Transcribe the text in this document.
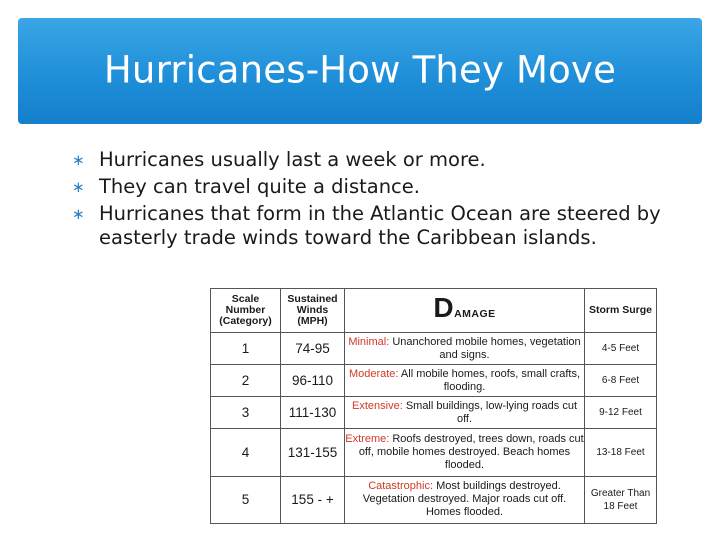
Hurricanes-How They Move
∗ Hurricanes usually last a week or more.
∗ They can travel quite a distance.
∗ Hurricanes that form in the Atlantic Ocean are steered by easterly trade winds toward the Caribbean islands.
Scale Number (Category)	Sustained Winds (MPH)	DAMAGE	Storm Surge
1	74-95	Minimal: Unanchored mobile homes, vegetation and signs.	4-5 Feet
2	96-110	Moderate: All mobile homes, roofs, small crafts, flooding.	6-8 Feet
3	111-130	Extensive: Small buildings, low-lying roads cut off.	9-12 Feet
4	131-155	Extreme: Roofs destroyed, trees down, roads cut off, mobile homes destroyed. Beach homes flooded.	13-18 Feet
5	155 - +	Catastrophic: Most buildings destroyed. Vegetation destroyed. Major roads cut off. Homes flooded.	Greater Than 18 Feet
